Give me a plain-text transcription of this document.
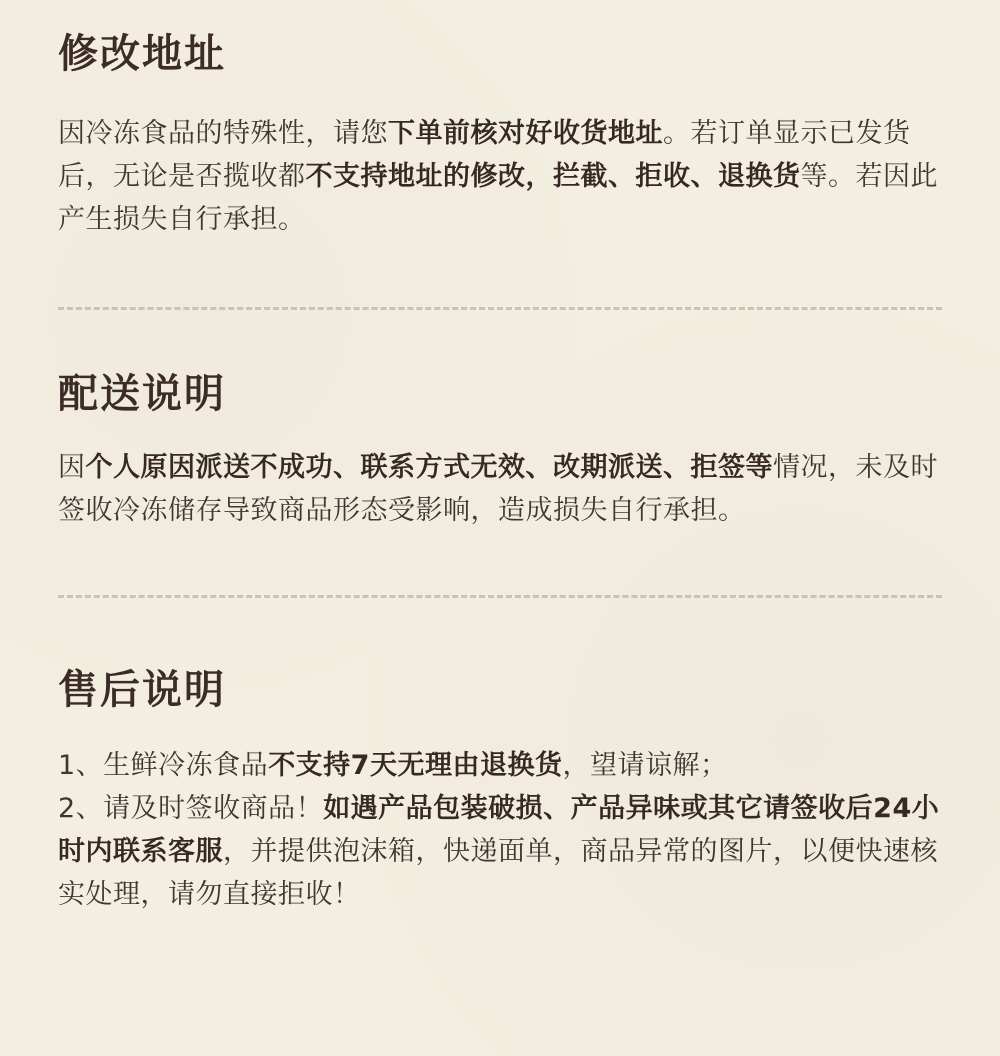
修改地址
因冷冻食品的特殊性，请您下单前核对好收货地址。若订单显示已发货后，无论是否揽收都不支持地址的修改，拦截、拒收、退换货等。若因此产生损失自行承担。
配送说明
因个人原因派送不成功、联系方式无效、改期派送、拒签等情况，未及时签收冷冻储存导致商品形态受影响，造成损失自行承担。
售后说明
1、生鲜冷冻食品不支持7天无理由退换货，望请谅解；
2、请及时签收商品！如遇产品包装破损、产品异味或其它请签收后24小时内联系客服，并提供泡沫箱，快递面单，商品异常的图片，以便快速核实处理，请勿直接拒收！
